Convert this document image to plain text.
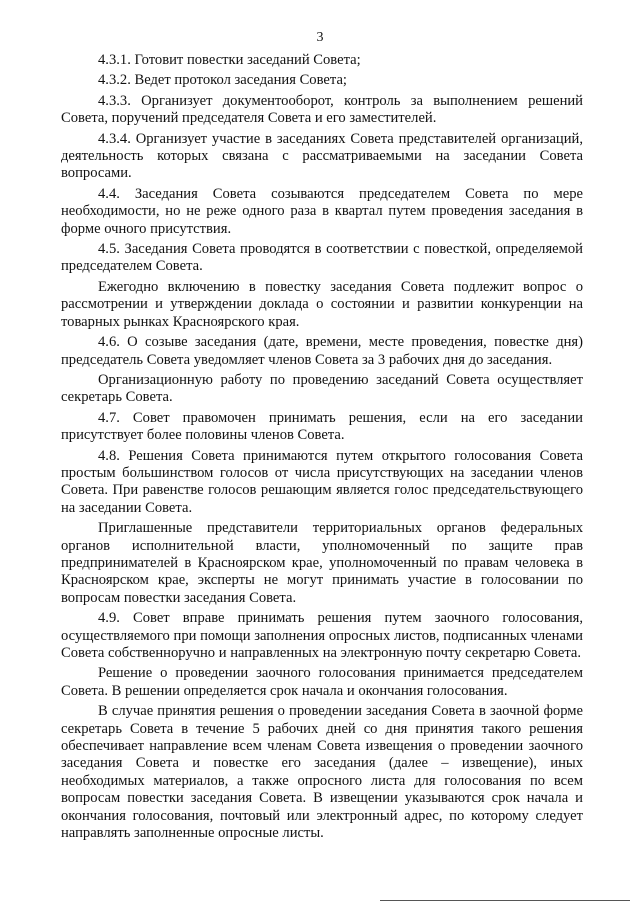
3

4.3.1. Готовит повестки заседаний Совета;

4.3.2. Ведет протокол заседания Совета;

4.3.3. Организует документооборот, контроль за выполнением решений Совета, поручений председателя Совета и его заместителей.

4.3.4. Организует участие в заседаниях Совета представителей организаций, деятельность которых связана с рассматриваемыми на заседании Совета вопросами.

4.4. Заседания Совета созываются председателем Совета по мере необходимости, но не реже одного раза в квартал путем проведения заседания в форме очного присутствия.

4.5. Заседания Совета проводятся в соответствии с повесткой, определяемой председателем Совета.

Ежегодно включению в повестку заседания Совета подлежит вопрос о рассмотрении и утверждении доклада о состоянии и развитии конкуренции на товарных рынках Красноярского края.

4.6. О созыве заседания (дате, времени, месте проведения, повестке дня) председатель Совета уведомляет членов Совета за 3 рабочих дня до заседания.

Организационную работу по проведению заседаний Совета осуществляет секретарь Совета.

4.7. Совет правомочен принимать решения, если на его заседании присутствует более половины членов Совета.

4.8. Решения Совета принимаются путем открытого голосования Совета простым большинством голосов от числа присутствующих на заседании членов Совета. При равенстве голосов решающим является голос председательствующего на заседании Совета.

Приглашенные представители территориальных органов федеральных органов исполнительной власти, уполномоченный по защите прав предпринимателей в Красноярском крае, уполномоченный по правам человека в Красноярском крае, эксперты не могут принимать участие в голосовании по вопросам повестки заседания Совета.

4.9. Совет вправе принимать решения путем заочного голосования, осуществляемого при помощи заполнения опросных листов, подписанных членами Совета собственноручно и направленных на электронную почту секретарю Совета.

Решение о проведении заочного голосования принимается председателем Совета. В решении определяется срок начала и окончания голосования.

В случае принятия решения о проведении заседания Совета в заочной форме секретарь Совета в течение 5 рабочих дней со дня принятия такого решения обеспечивает направление всем членам Совета извещения о проведении заочного заседания Совета и повестке его заседания (далее – извещение), иных необходимых материалов, а также опросного листа для голосования по всем вопросам повестки заседания Совета. В извещении указываются срок начала и окончания голосования, почтовый или электронный адрес, по которому следует направлять заполненные опросные листы.
